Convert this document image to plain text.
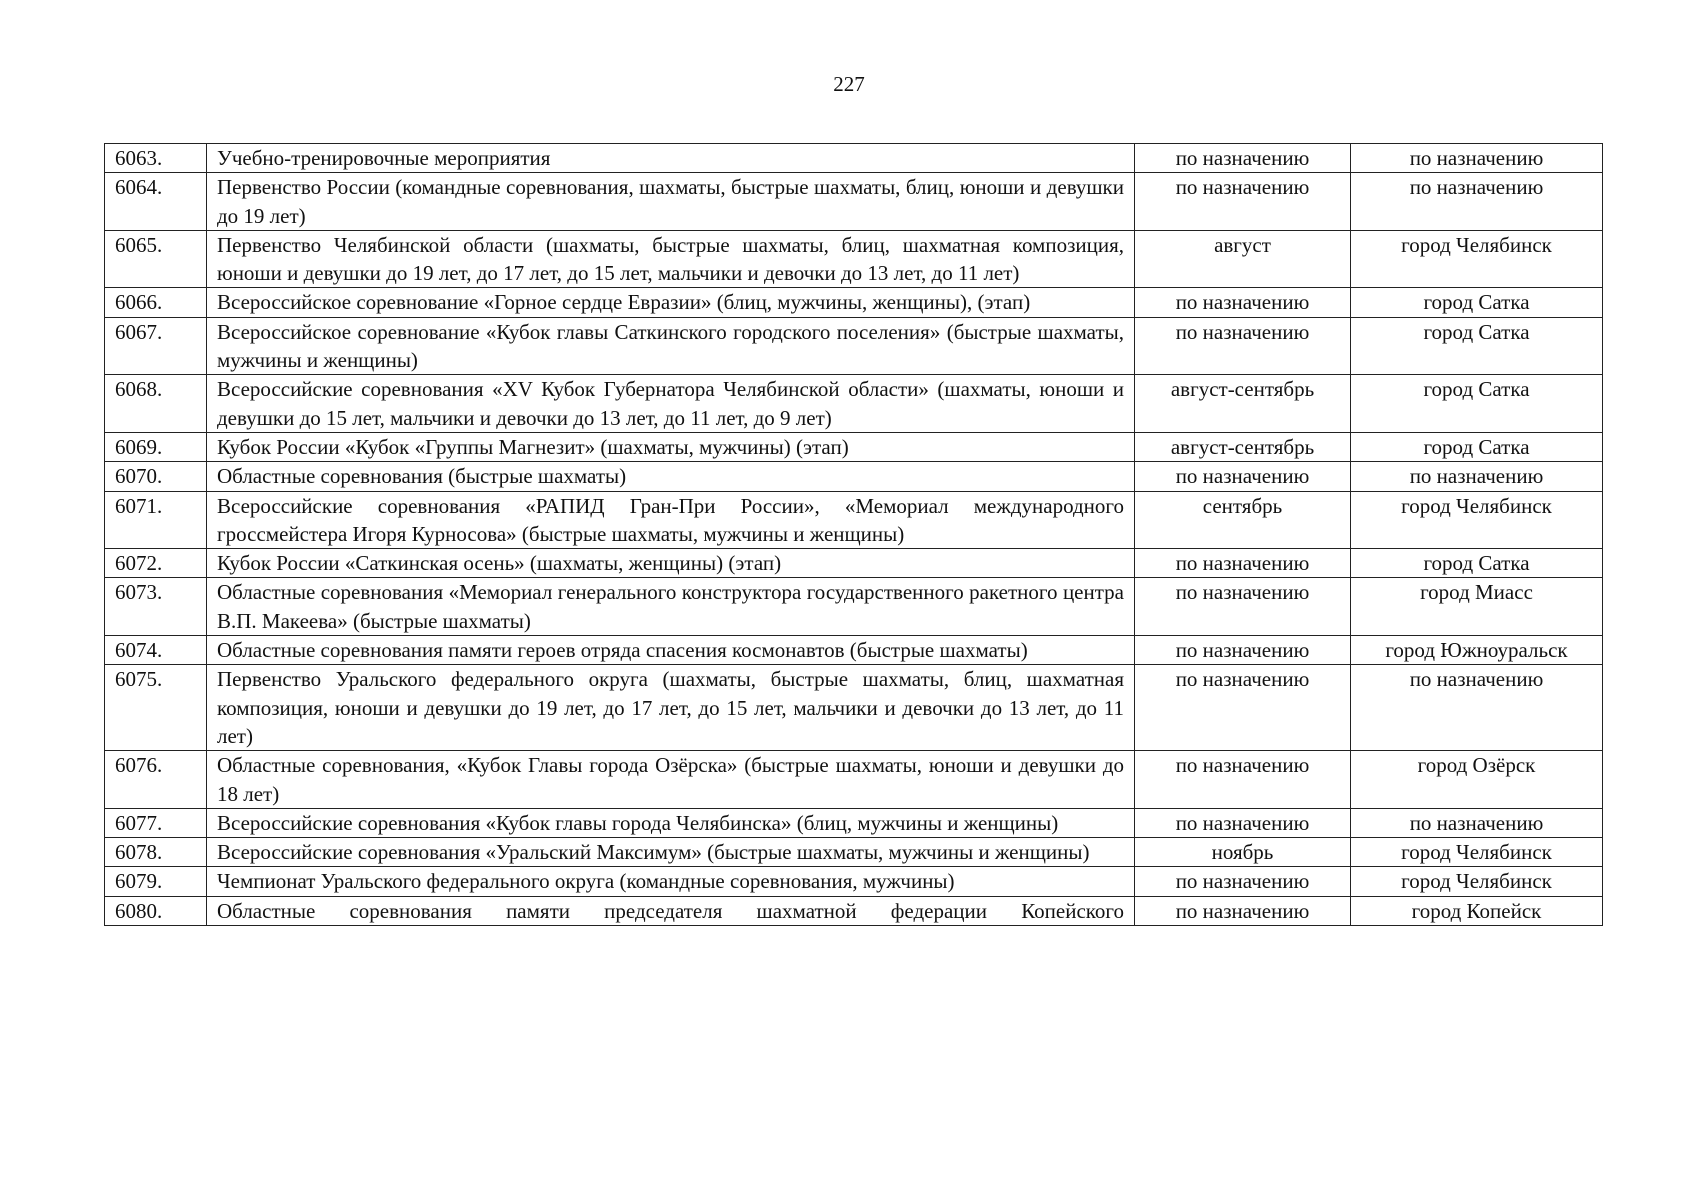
227
6063.	Учебно-тренировочные мероприятия	по назначению	по назначению
6064.	Первенство России (командные соревнования, шахматы, быстрые шахматы, блиц, юноши и девушки до 19 лет)	по назначению	по назначению
6065.	Первенство Челябинской области (шахматы, быстрые шахматы, блиц, шахматная композиция, юноши и девушки до 19 лет, до 17 лет, до 15 лет, мальчики и девочки до 13 лет, до 11 лет)	август	город Челябинск
6066.	Всероссийское соревнование «Горное сердце Евразии» (блиц, мужчины, женщины), (этап)	по назначению	город Сатка
6067.	Всероссийское соревнование «Кубок главы Саткинского городского поселения» (быстрые шахматы, мужчины и женщины)	по назначению	город Сатка
6068.	Всероссийские соревнования «XV Кубок Губернатора Челябинской области» (шахматы, юноши и девушки до 15 лет, мальчики и девочки до 13 лет, до 11 лет, до 9 лет)	август-сентябрь	город Сатка
6069.	Кубок России «Кубок «Группы Магнезит» (шахматы, мужчины) (этап)	август-сентябрь	город Сатка
6070.	Областные соревнования (быстрые шахматы)	по назначению	по назначению
6071.	Всероссийские соревнования «РАПИД Гран-При России», «Мемориал международного гроссмейстера Игоря Курносова» (быстрые шахматы, мужчины и женщины)	сентябрь	город Челябинск
6072.	Кубок России «Саткинская осень» (шахматы, женщины) (этап)	по назначению	город Сатка
6073.	Областные соревнования «Мемориал генерального конструктора государственного ракетного центра В.П. Макеева» (быстрые шахматы)	по назначению	город Миасс
6074.	Областные соревнования памяти героев отряда спасения космонавтов (быстрые шахматы)	по назначению	город Южноуральск
6075.	Первенство Уральского федерального округа (шахматы, быстрые шахматы, блиц, шахматная композиция, юноши и девушки до 19 лет, до 17 лет, до 15 лет, мальчики и девочки до 13 лет, до 11 лет)	по назначению	по назначению
6076.	Областные соревнования, «Кубок Главы города Озёрска» (быстрые шахматы, юноши и девушки до 18 лет)	по назначению	город Озёрск
6077.	Всероссийские соревнования «Кубок главы города Челябинска» (блиц, мужчины и женщины)	по назначению	по назначению
6078.	Всероссийские соревнования «Уральский Максимум» (быстрые шахматы, мужчины и женщины)	ноябрь	город Челябинск
6079.	Чемпионат Уральского федерального округа (командные соревнования, мужчины)	по назначению	город Челябинск
6080.	Областные соревнования памяти председателя шахматной федерации Копейского	по назначению	город Копейск
